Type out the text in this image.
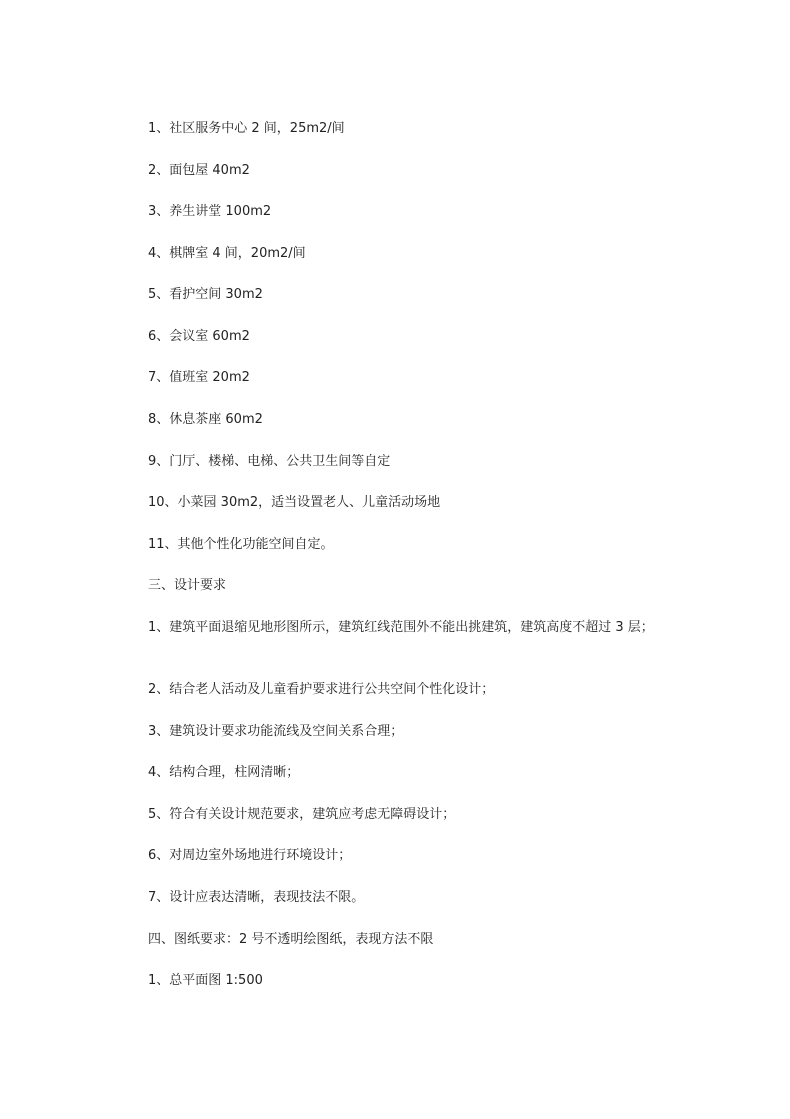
1、社区服务中心 2 间，25m2/间

2、面包屋 40m2

3、养生讲堂 100m2

4、棋牌室 4 间，20m2/间

5、看护空间 30m2

6、会议室 60m2

7、值班室 20m2

8、休息茶座 60m2

9、门厅、楼梯、电梯、公共卫生间等自定

10、小菜园 30m2，适当设置老人、儿童活动场地

11、其他个性化功能空间自定。

三、设计要求

1、建筑平面退缩见地形图所示，建筑红线范围外不能出挑建筑，建筑高度不超过 3 层；

2、结合老人活动及儿童看护要求进行公共空间个性化设计；

3、建筑设计要求功能流线及空间关系合理；

4、结构合理，柱网清晰；

5、符合有关设计规范要求，建筑应考虑无障碍设计；

6、对周边室外场地进行环境设计；

7、设计应表达清晰，表现技法不限。

四、图纸要求：2 号不透明绘图纸，表现方法不限

1、总平面图 1:500
